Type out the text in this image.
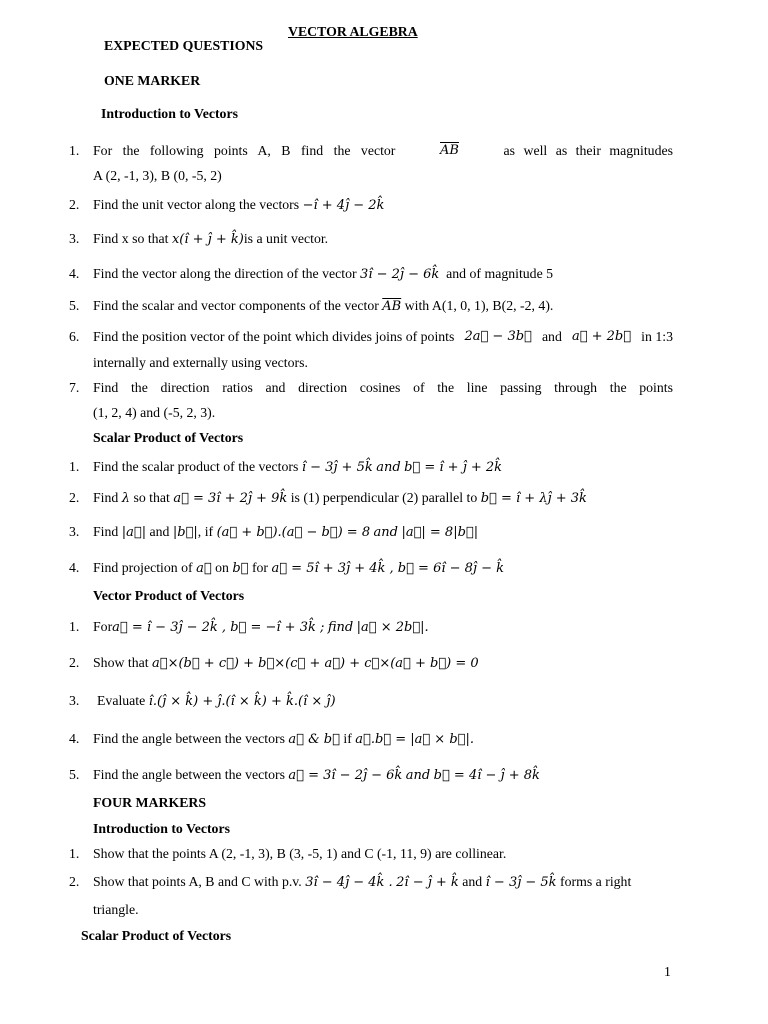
VECTOR ALGEBRA
EXPECTED QUESTIONS
ONE MARKER
Introduction to Vectors
1. For the following points A, B find the vector	$\overline{AB}$	as well as their magnitudes
A (2, -1, 3), B (0, -5, 2)
2. Find the unit vector along the vectors −î + 4ĵ − 2k̂
3. Find x so that x(î + ĵ + k̂)is a unit vector.
4. Find the vector along the direction of the vector 3î − 2ĵ − 6k̂ and of magnitude 5
5. Find the scalar and vector components of the vector $\overline{AB}$ with A(1, 0, 1), B(2, -2, 4).
6. Find the position vector of the point which divides joins of points 2a⃗ − 3b⃗ and a⃗ + 2b⃗ in 1:3
internally and externally using vectors.
7. Find the direction ratios and direction cosines of the line passing through the points
(1, 2, 4) and (-5, 2, 3).
Scalar Product of Vectors
1. Find the scalar product of the vectors î − 3ĵ + 5k̂ and b⃗ = î + ĵ + 2k̂
2. Find λ so that a⃗ = 3î + 2ĵ + 9k̂ is (1) perpendicular (2) parallel to b⃗ = î + λĵ + 3k̂
3. Find |a⃗| and |b⃗|, if (a⃗ + b⃗).(a⃗ − b⃗) = 8 and |a⃗| = 8|b⃗|
4. Find projection of a⃗ on b⃗ for a⃗ = 5î + 3ĵ + 4k̂ , b⃗ = 6î − 8ĵ − k̂
Vector Product of Vectors
1. Fora⃗ = î − 3ĵ − 2k̂ , b⃗ = −î + 3k̂ ; find |a⃗ × 2b⃗|.
2. Show that a⃗×(b⃗ + c⃗) + b⃗×(c⃗ + a⃗) + c⃗×(a⃗ + b⃗) = 0
3.	Evaluate î.(ĵ × k̂) + ĵ.(î × k̂) + k̂.(î × ĵ)
4. Find the angle between the vectors a⃗ & b⃗ if a⃗.b⃗ = |a⃗ × b⃗|.
5. Find the angle between the vectors a⃗ = 3î − 2ĵ − 6k̂ and b⃗ = 4î − ĵ + 8k̂
FOUR MARKERS
Introduction to Vectors
1. Show that the points A (2, -1, 3), B (3, -5, 1) and C (-1, 11, 9) are collinear.
2. Show that points A, B and C with p.v. 3î − 4ĵ − 4k̂ . 2î − ĵ + k̂ and î − 3ĵ − 5k̂ forms a right
triangle.
Scalar Product of Vectors
1
